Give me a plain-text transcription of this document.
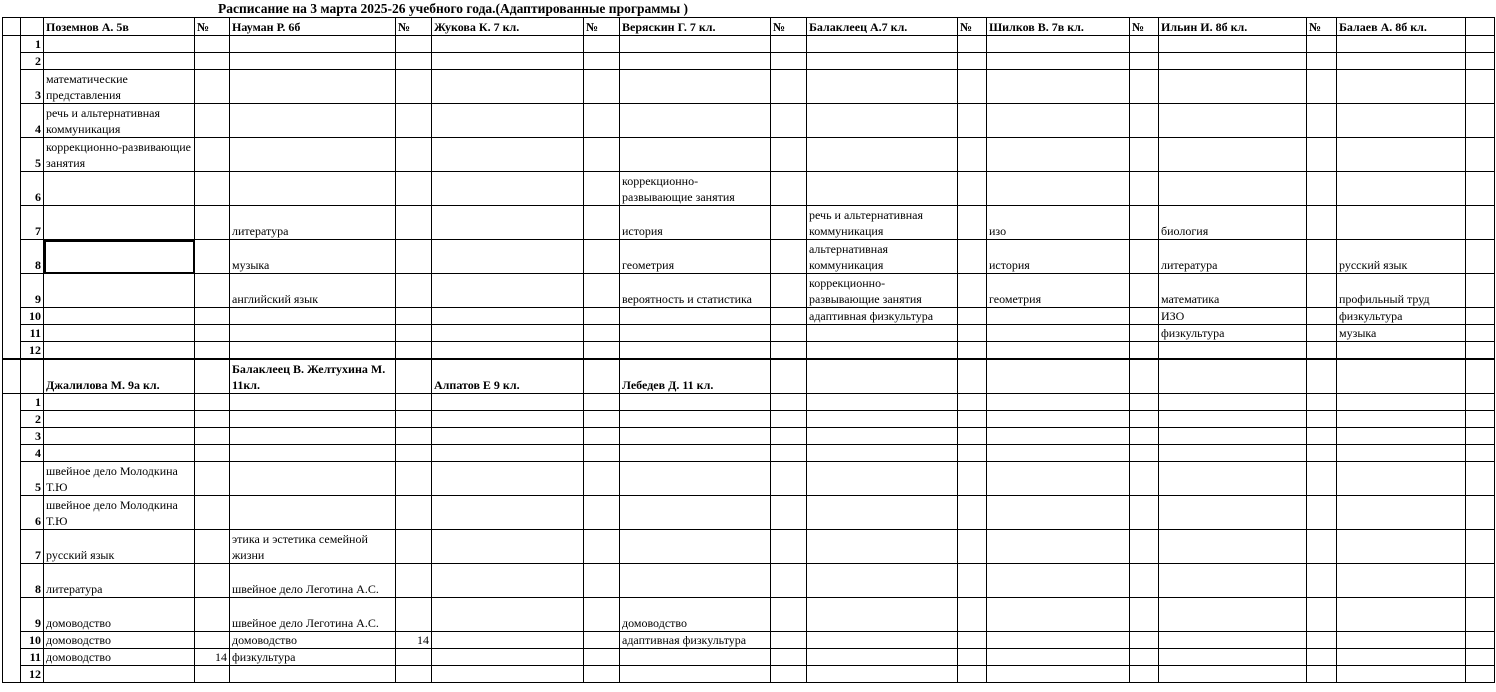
Расписание на 3 марта 2025-26 учебного года.(Адаптированные программы )
		Поземнов А. 5в	№	Науман Р. 6б	№	Жукова К. 7 кл.	№	Веряскин Г. 7 кл.	№	Балаклеец А.7 кл.	№	Шилков В. 7в кл.	№	Ильин И. 8б кл.	№	Балаев А. 8б кл.	
	1																
	2																
	3	математические представления															
	4	речь и альтернативная коммуникация															
	5	коррекционно-развивающие занятия															
	6							коррекционно-развывающие занятия									
	7			литература				история		речь и альтернативная коммуникация		изо		биология			
	8			музыка				геометрия		альтернативная коммуникация		история		литература		русский язык	
	9			английский язык				вероятность и статистика		коррекционно-развывающие занятия		геометрия		математика		профильный труд	
	10									адаптивная физкультура				ИЗО		физкультура	
	11													физкультура		музыка	
	12																
		Джалилова М. 9а кл.		Балаклеец В. Желтухина М. 11кл.		Алпатов Е 9 кл.		Лебедев Д. 11 кл.									
	1																
	2																
	3																
	4																
	5	швейное дело Молодкина Т.Ю															
	6	швейное дело Молодкина Т.Ю															
	7	русский язык		этика и эстетика семейной жизни													
	8	литература		швейное дело Леготина А.С.													
	9	домоводство		швейное дело Леготина А.С.				домоводство									
	10	домоводство		домоводство	14			адаптивная физкультура									
	11	домоводство	14	физкультура													
	12																
